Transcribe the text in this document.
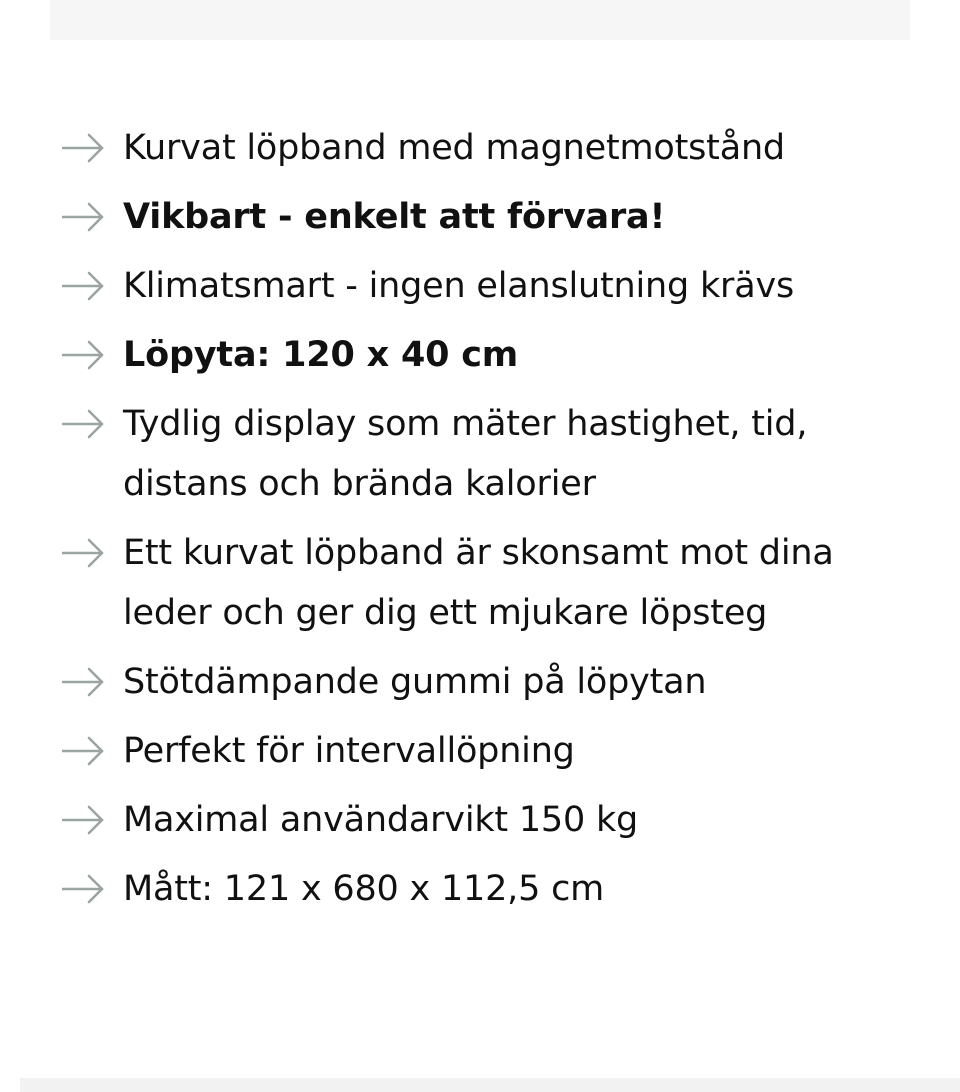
Kurvat löpband med magnetmotstånd
Vikbart - enkelt att förvara!
Klimatsmart - ingen elanslutning krävs
Löpyta: 120 x 40 cm
Tydlig display som mäter hastighet, tid, distans och brända kalorier
Ett kurvat löpband är skonsamt mot dina leder och ger dig ett mjukare löpsteg
Stötdämpande gummi på löpytan
Perfekt för intervallöpning
Maximal användarvikt 150 kg
Mått: 121 x 680 x 112,5 cm
